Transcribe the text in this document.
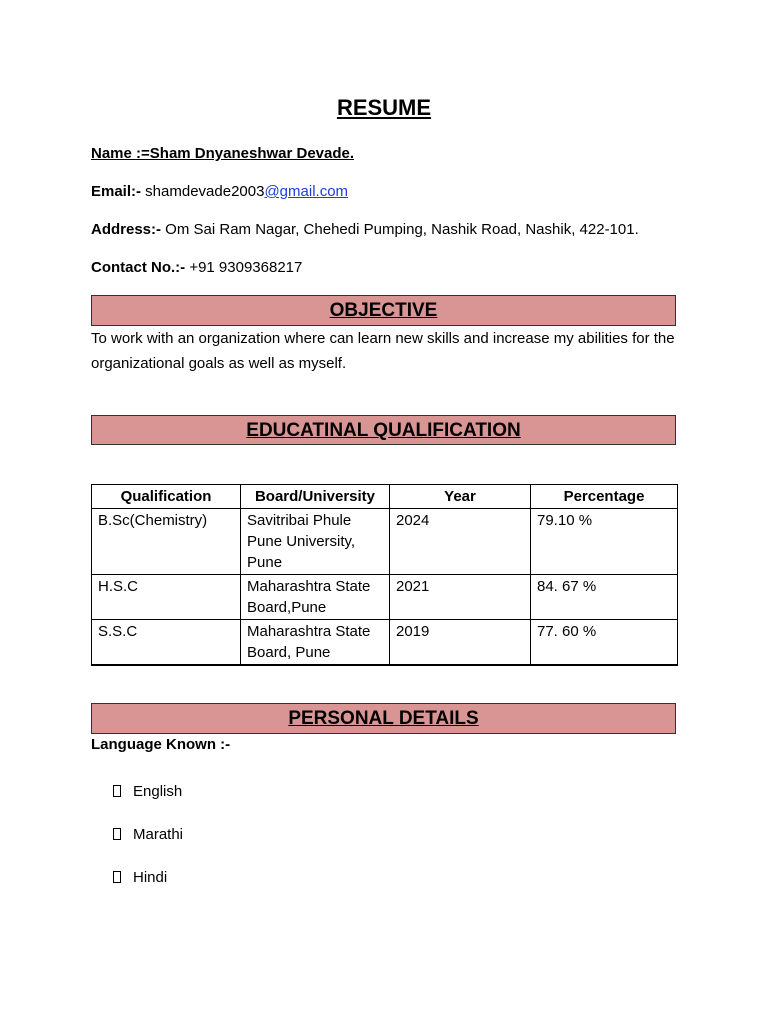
RESUME
Name :=Sham Dnyaneshwar Devade.
Email:- shamdevade2003@gmail.com
Address:- Om Sai Ram Nagar, Chehedi Pumping, Nashik Road, Nashik, 422-101.
Contact No.:- +91 9309368217
OBJECTIVE
To work with an organization where can learn new skills and increase my abilities for the organizational goals as well as myself.
EDUCATINAL QUALIFICATION
Qualification	Board/University	Year	Percentage
B.Sc(Chemistry)	Savitribai Phule Pune University, Pune	2024	79.10 %
H.S.C	Maharashtra State Board,Pune	2021	84. 67 %
S.S.C	Maharashtra State Board, Pune	2019	77. 60 %
PERSONAL DETAILS
Language Known :-
English
Marathi
Hindi
